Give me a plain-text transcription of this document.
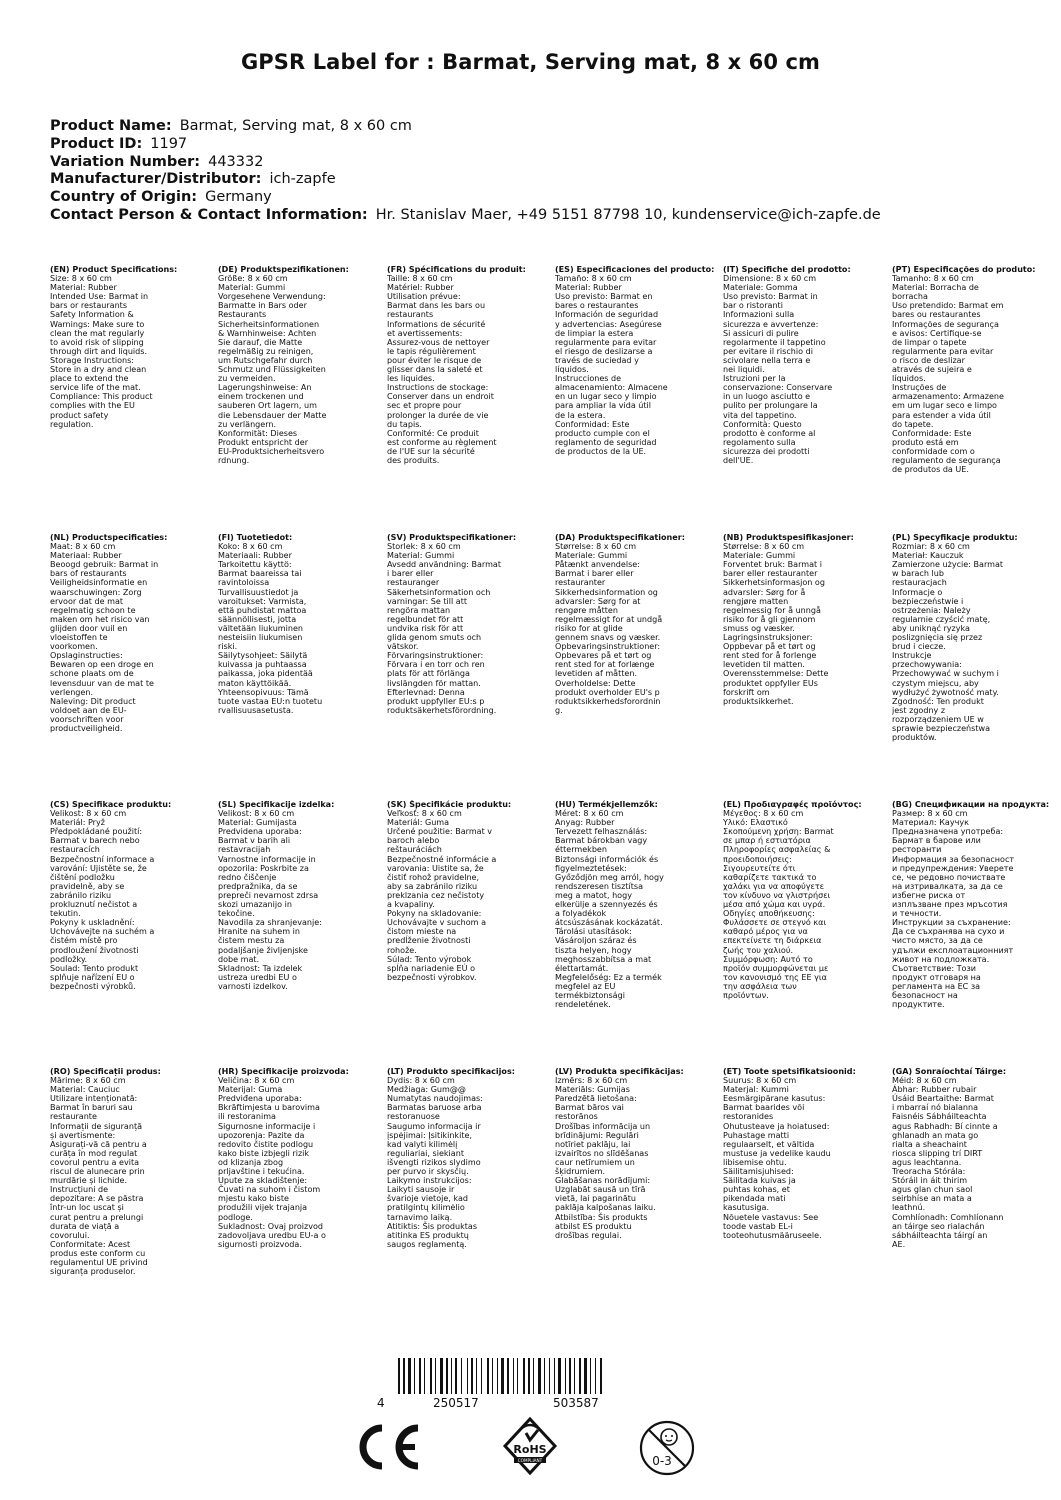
GPSR Label for : Barmat, Serving mat, 8 x 60 cm
Product Name: Barmat, Serving mat, 8 x 60 cm
Product ID: 1197
Variation Number: 443332
Manufacturer/Distributor: ich-zapfe
Country of Origin: Germany
Contact Person & Contact Information: Hr. Stanislav Maer, +49 5151 87798 10, kundenservice@ich-zapfe.de
(EN) Product Specifications:
Size: 8 x 60 cm
Material: Rubber
Intended Use: Barmat in
bars or restaurants
Safety Information &
Warnings: Make sure to
clean the mat regularly
to avoid risk of slipping
through dirt and liquids.
Storage Instructions:
Store in a dry and clean
place to extend the
service life of the mat.
Compliance: This product
complies with the EU
product safety
regulation.
(DE) Produktspezifikationen:
Größe: 8 x 60 cm
Material: Gummi
Vorgesehene Verwendung:
Barmatte in Bars oder
Restaurants
Sicherheitsinformationen
& Warnhinweise: Achten
Sie darauf, die Matte
regelmäßig zu reinigen,
um Rutschgefahr durch
Schmutz und Flüssigkeiten
zu vermeiden.
Lagerungshinweise: An
einem trockenen und
sauberen Ort lagern, um
die Lebensdauer der Matte
zu verlängern.
Konformität: Dieses
Produkt entspricht der
EU-Produktsicherheitsvero
rdnung.
(FR) Spécifications du produit:
Taille: 8 x 60 cm
Matériel: Rubber
Utilisation prévue:
Barmat dans les bars ou
restaurants
Informations de sécurité
et avertissements:
Assurez-vous de nettoyer
le tapis régulièrement
pour éviter le risque de
glisser dans la saleté et
les liquides.
Instructions de stockage:
Conserver dans un endroit
sec et propre pour
prolonger la durée de vie
du tapis.
Conformité: Ce produit
est conforme au règlement
de l'UE sur la sécurité
des produits.
(ES) Especificaciones del producto:
Tamaño: 8 x 60 cm
Material: Rubber
Uso previsto: Barmat en
bares o restaurantes
Información de seguridad
y advertencias: Asegúrese
de limpiar la estera
regularmente para evitar
el riesgo de deslizarse a
través de suciedad y
líquidos.
Instrucciones de
almacenamiento: Almacene
en un lugar seco y limpio
para ampliar la vida útil
de la estera.
Conformidad: Este
producto cumple con el
reglamento de seguridad
de productos de la UE.
(IT) Specifiche del prodotto:
Dimensione: 8 x 60 cm
Materiale: Gomma
Uso previsto: Barmat in
bar o ristoranti
Informazioni sulla
sicurezza e avvertenze:
Si assicuri di pulire
regolarmente il tappetino
per evitare il rischio di
scivolare nella terra e
nei liquidi.
Istruzioni per la
conservazione: Conservare
in un luogo asciutto e
pulito per prolungare la
vita del tappetino.
Conformità: Questo
prodotto è conforme al
regolamento sulla
sicurezza dei prodotti
dell'UE.
(PT) Especificações do produto:
Tamanho: 8 x 60 cm
Material: Borracha de
borracha
Uso pretendido: Barmat em
bares ou restaurantes
Informações de segurança
e avisos: Certifique-se
de limpar o tapete
regularmente para evitar
o risco de deslizar
através de sujeira e
líquidos.
Instruções de
armazenamento: Armazene
em um lugar seco e limpo
para estender a vida útil
do tapete.
Conformidade: Este
produto está em
conformidade com o
regulamento de segurança
de produtos da UE.
(NL) Productspecificaties:
Maat: 8 x 60 cm
Materiaal: Rubber
Beoogd gebruik: Barmat in
bars of restaurants
Veiligheidsinformatie en
waarschuwingen: Zorg
ervoor dat de mat
regelmatig schoon te
maken om het risico van
glijden door vuil en
vloeistoffen te
voorkomen.
Opslaginstructies:
Bewaren op een droge en
schone plaats om de
levensduur van de mat te
verlengen.
Naleving: Dit product
voldoet aan de EU-
voorschriften voor
productveiligheid.
(FI) Tuotetiedot:
Koko: 8 x 60 cm
Materiaali: Rubber
Tarkoitettu käyttö:
Barmat baareissa tai
ravintoloissa
Turvallisuustiedot ja
varoitukset: Varmista,
että puhdistat mattoa
säännöllisesti, jotta
vältetään liukuminen
nesteisiin liukumisen
riski.
Säilytysohjeet: Säilytä
kuivassa ja puhtaassa
paikassa, joka pidentää
maton käyttöikää.
Yhteensopivuus: Tämä
tuote vastaa EU:n tuotetu
rvallisuusasetusta.
(SV) Produktspecifikationer:
Storlek: 8 x 60 cm
Material: Gummi
Avsedd användning: Barmat
i barer eller
restauranger
Säkerhetsinformation och
varningar: Se till att
rengöra mattan
regelbundet för att
undvika risk för att
glida genom smuts och
vätskor.
Förvaringsinstruktioner:
Förvara i en torr och ren
plats för att förlänga
livslängden för mattan.
Efterlevnad: Denna
produkt uppfyller EU:s p
roduktsäkerhetsförordning.
(DA) Produktspecifikationer:
Størrelse: 8 x 60 cm
Materiale: Gummi
Påtænkt anvendelse:
Barmat i barer eller
restauranter
Sikkerhedsinformation og
advarsler: Sørg for at
rengøre måtten
regelmæssigt for at undgå
risiko for at glide
gennem snavs og væsker.
Opbevaringsinstruktioner:
Opbevares på et tørt og
rent sted for at forlænge
levetiden af måtten.
Overholdelse: Dette
produkt overholder EU's p
roduktsikkerhedsforordnin
g.
(NB) Produktspesifikasjoner:
Størrelse: 8 x 60 cm
Materiale: Gummi
Forventet bruk: Barmat i
barer eller restauranter
Sikkerhetsinformasjon og
advarsler: Sørg for å
rengjøre matten
regelmessig for å unngå
risiko for å gli gjennom
smuss og væsker.
Lagringsinstruksjoner:
Oppbevar på et tørt og
rent sted for å forlenge
levetiden til matten.
Overensstemmelse: Dette
produktet oppfyller EUs
forskrift om
produktsikkerhet.
(PL) Specyfikacje produktu:
Rozmiar: 8 x 60 cm
Materiał: Kauczuk
Zamierzone użycie: Barmat
w barach lub
restauracjach
Informacje o
bezpieczeństwie i
ostrzeżenia: Należy
regularnie czyścić matę,
aby uniknąć ryzyka
poslizgnięcia się przez
brud i ciecze.
Instrukcje
przechowywania:
Przechowywać w suchym i
czystym miejscu, aby
wydłużyć żywotność maty.
Zgodność: Ten produkt
jest zgodny z
rozporządzeniem UE w
sprawie bezpieczeństwa
produktów.
(CS) Specifikace produktu:
Velikost: 8 x 60 cm
Materiál: Pryž
Předpokládané použití:
Barmat v barech nebo
restauracích
Bezpečnostní informace a
varování: Ujistěte se, že
čištění podložku
pravidelně, aby se
zabránilo riziku
prokluznutí nečistot a
tekutin.
Pokyny k uskladnění:
Uchovávejte na suchém a
čistém místě pro
prodloužení životnosti
podložky.
Soulad: Tento produkt
splňuje nařízení EU o
bezpečnosti výrobků.
(SL) Specifikacije izdelka:
Velikost: 8 x 60 cm
Material: Gumijasta
Predvidena uporaba:
Barmat v barih ali
restavracijah
Varnostne informacije in
opozorila: Poskrbite za
redno čiščenje
predpražnika, da se
prepreči nevarnost zdrsa
skozi umazanijo in
tekočine.
Navodila za shranjevanje:
Hranite na suhem in
čistem mestu za
podaljšanje življenjske
dobe mat.
Skladnost: Ta izdelek
ustreza uredbi EU o
varnosti izdelkov.
(SK) Špecifikácie produktu:
Veľkosť: 8 x 60 cm
Materiál: Guma
Určené použitie: Barmat v
baroch alebo
reštauráciách
Bezpečnostné informácie a
varovania: Uistite sa, že
čistiť rohož pravidelne,
aby sa zabránilo riziku
preklzania cez nečistoty
a kvapaliny.
Pokyny na skladovanie:
Uchovávajte v suchom a
čistom mieste na
predĺženie životnosti
rohože.
Súlad: Tento výrobok
spĺňa nariadenie EÚ o
bezpečnosti výrobkov.
(HU) Termékjellemzők:
Méret: 8 x 60 cm
Anyag: Rubber
Tervezett felhasználás:
Barmat bárokban vagy
éttermekben
Biztonsági információk és
figyelmeztetések:
Győződjön meg arról, hogy
rendszeresen tisztítsa
meg a matot, hogy
elkerülje a szennyezés és
a folyadékok
átcsúszásának kockázatát.
Tárolási utasítások:
Vásároljon száraz és
tiszta helyen, hogy
meghosszabbítsa a mat
élettartamát.
Megfelelőség: Ez a termék
megfelel az EU
termékbiztonsági
rendeletének.
(EL) Προδιαγραφές προϊόντος:
Μέγεθος: 8 x 60 cm
Υλικό: Ελαστικό
Σκοπούμενη χρήση: Barmat
σε μπαρ ή εστιατόρια
Πληροφορίες ασφαλείας &
προειδοποιήσεις:
Σιγουρευτείτε ότι
καθαρίζετε τακτικά το
χαλάκι για να αποφύγετε
τον κίνδυνο να γλιστρήσει
μέσα από χώμα και υγρά.
Οδηγίες αποθήκευσης:
Φυλάσσετε σε στεγνό και
καθαρό μέρος για να
επεκτείνετε τη διάρκεια
ζωής του χαλιού.
Συμμόρφωση: Αυτό το
προϊόν συμμορφώνεται με
τον κανονισμό της ΕΕ για
την ασφάλεια των
προϊόντων.
(BG) Спецификации на продукта:
Размер: 8 x 60 cm
Материал: Каучук
Предназначена употреба:
Бармат в барове или
ресторанти
Информация за безопасност
и предупреждения: Уверете
се, че редовно почиствате
на изтривалката, за да се
избегне риска от
изплъзване през мръсотия
и течности.
Инструкции за съхранение:
Да се съхранява на сухо и
чисто място, за да се
удължи експлоатационният
живот на подложката.
Съответствие: Този
продукт отговаря на
регламента на ЕС за
безопасност на
продуктите.
(RO) Specificații produs:
Mărime: 8 x 60 cm
Material: Cauciuc
Utilizare intenționată:
Barmat în baruri sau
restaurante
Informații de siguranță
și avertismente:
Asigurați-vă că pentru a
curăța în mod regulat
covorul pentru a evita
riscul de alunecare prin
murdărie și lichide.
Instrucțiuni de
depozitare: A se păstra
într-un loc uscat și
curat pentru a prelungi
durata de viață a
covorului.
Conformitate: Acest
produs este conform cu
regulamentul UE privind
siguranța produselor.
(HR) Specifikacije proizvoda:
Veličina: 8 x 60 cm
Materijal: Guma
Predviđena uporaba:
Bkrăftimjesta u barovima
ili restoranima
Sigurnosne informacije i
upozorenja: Pazite da
redovito čistite podlogu
kako biste izbjegli rizik
od klizanja zbog
prljavštine i tekućina.
Upute za skladištenje:
Čuvati na suhom i čistom
mjestu kako biste
produžili vijek trajanja
podloge.
Sukladnost: Ovaj proizvod
zadovoljava uredbu EU-a o
sigurnosti proizvoda.
(LT) Produkto specifikacijos:
Dydis: 8 x 60 cm
Medžiaga: Gum@@
Numatytas naudojimas:
Barmatas baruose arba
restoranuose
Saugumo informacija ir
įspėjimai: Įsitikinkite,
kad valyti kilimėlį
reguliariai, siekiant
išvengti rizikos slydimo
per purvo ir skysčių.
Laikymo instrukcijos:
Laikyti sausoje ir
švarioje vietoje, kad
pratilgintų kilimėlio
tarnavimo laiką.
Atitiktis: Šis produktas
atitinka ES produktų
saugos reglamentą.
(LV) Produkta specifikācijas:
Izmērs: 8 x 60 cm
Materiāls: Gumijas
Paredzētā lietošana:
Barmat bāros vai
restorānos
Drošības informācija un
brīdinājumi: Regulāri
notīriet paklāju, lai
izvairītos no slīdēšanas
caur netīrumiem un
šķidrumiem.
Glabāšanas norādījumi:
Uzglabāt sausā un tīrā
vietā, lai pagarinātu
paklāja kalpošanas laiku.
Atbilstība: Šis produkts
atbilst ES produktu
drošības regulai.
(ET) Toote spetsifikatsioonid:
Suurus: 8 x 60 cm
Materjal: Kummi
Eesmärgipärane kasutus:
Barmat baarides või
restoranides
Ohutusteave ja hoiatused:
Puhastage matti
regulaarselt, et vältida
mustuse ja vedelike kaudu
libisemise ohtu.
Säilitamisjuhised:
Säilitada kuivas ja
puhtas kohas, et
pikendada mati
kasutusiga.
Nõuetele vastavus: See
toode vastab EL-i
tooteohutusmääruseele.
(GA) Sonraíochtaí Táirge:
Méid: 8 x 60 cm
Ábhar: Rubber rubair
Úsáid Beartaithe: Barmat
i mbarraí nó bialanna
Faisnéis Sábháilteachta
agus Rabhadh: Bí cinnte a
ghlanadh an mata go
rialta a sheachaint
riosca slipping trí DIRT
agus leachtanna.
Treoracha Stórála:
Stóráil in áit thirim
agus glan chun saol
seirbhíse an mata a
leathnú.
Comhlíonadh: Comhlíonann
an táirge seo rialachán
sábháilteachta táirgí an
AE.
4	250517	503587
RoHS
COMPLIANT	0-3
